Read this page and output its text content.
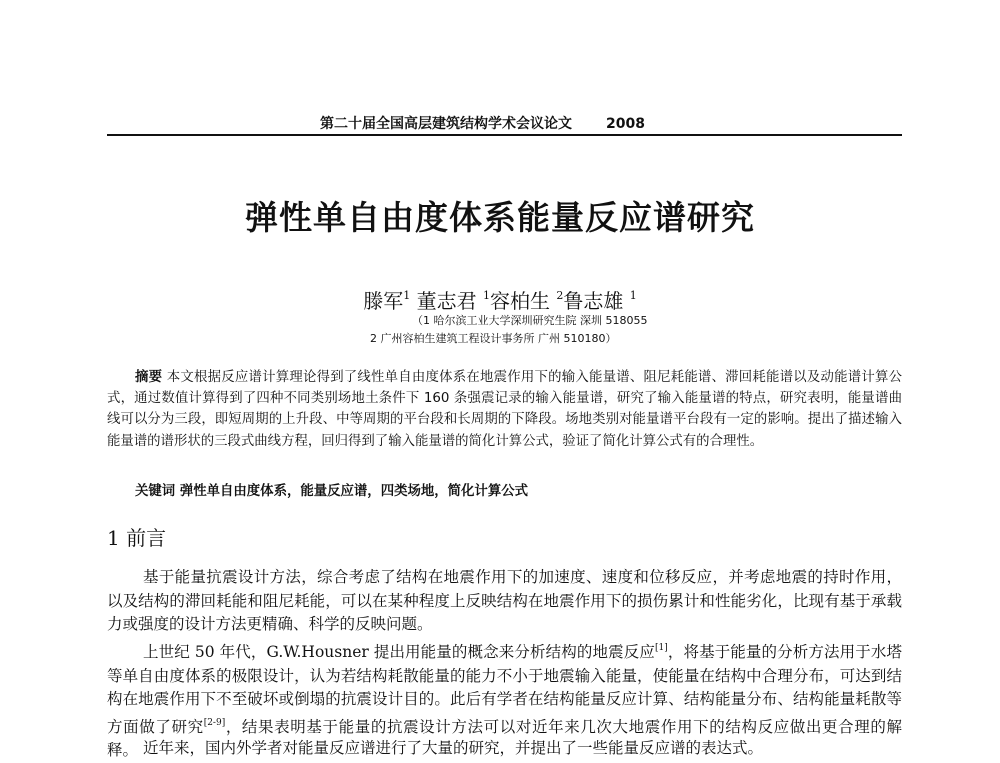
第二十届全国高层建筑结构学术会议论文 2008
弹性单自由度体系能量反应谱研究
滕军$^1$ 董志君 $^1$容柏生 $^2$鲁志雄 $^1$
（1 哈尔滨工业大学深圳研究生院 深圳 518055
2 广州容柏生建筑工程设计事务所 广州 510180）
摘要 本文根据反应谱计算理论得到了线性单自由度体系在地震作用下的输入能量谱、阻尼耗能谱、滞回耗能谱以及动能谱计算公式，通过数值计算得到了四种不同类别场地土条件下 160 条强震记录的输入能量谱，研究了输入能量谱的特点，研究表明，能量谱曲线可以分为三段，即短周期的上升段、中等周期的平台段和长周期的下降段。场地类别对能量谱平台段有一定的影响。提出了描述输入能量谱的谱形状的三段式曲线方程，回归得到了输入能量谱的简化计算公式，验证了简化计算公式有的合理性。
关键词 弹性单自由度体系，能量反应谱，四类场地，简化计算公式
1 前言
基于能量抗震设计方法，综合考虑了结构在地震作用下的加速度、速度和位移反应，并考虑地震的持时作用，以及结构的滞回耗能和阻尼耗能，可以在某种程度上反映结构在地震作用下的损伤累计和性能劣化，比现有基于承载力或强度的设计方法更精确、科学的反映问题。
上世纪 50 年代，G.W.Housner 提出用能量的概念来分析结构的地震反应[1]，将基于能量的分析方法用于水塔等单自由度体系的极限设计，认为若结构耗散能量的能力不小于地震输入能量，使能量在结构中合理分布，可达到结构在地震作用下不至破坏或倒塌的抗震设计目的。此后有学者在结构能量反应计算、结构能量分布、结构能量耗散等方面做了研究[2-9]，结果表明基于能量的抗震设计方法可以对近年来几次大地震作用下的结构反应做出更合理的解释。 近年来，国内外学者对能量反应谱进行了大量的研究，并提出了一些能量反应谱的表达式。
